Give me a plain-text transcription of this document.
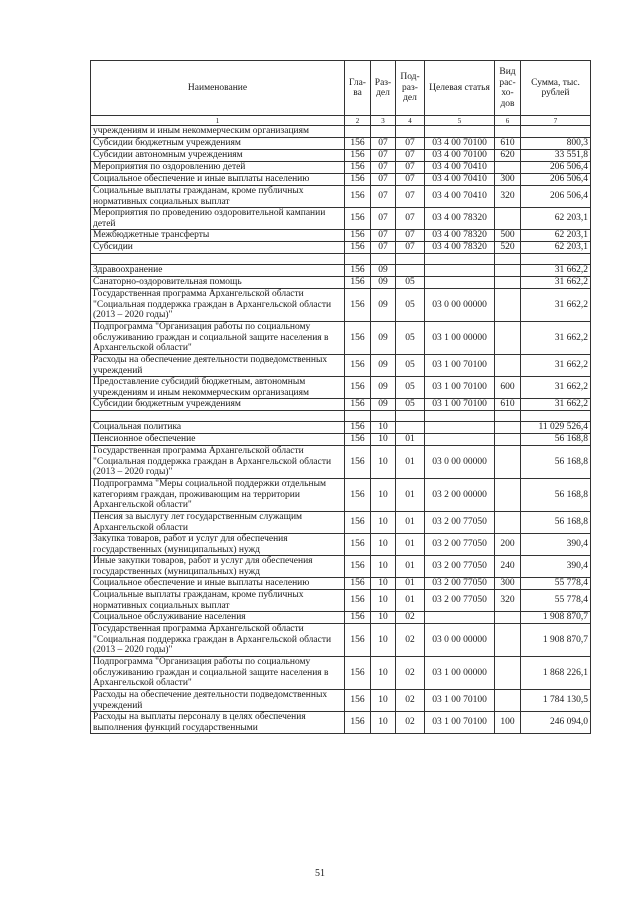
Наименование	Гла-ва	Раз-дел	Под-раз-дел	Целевая статья	Вид рас-хо-дов	Сумма, тыс. рублей
1	2	3	4	5	6	7
учреждениям и иным некоммерческим организациям						
Субсидии бюджетным учреждениям	156	07	07	03 4 00 70100	610	800,3
Субсидии автономным учреждениям	156	07	07	03 4 00 70100	620	33 551,8
Мероприятия по оздоровлению детей	156	07	07	03 4 00 70410		206 506,4
Социальное обеспечение и иные выплаты населению	156	07	07	03 4 00 70410	300	206 506,4
Социальные выплаты гражданам, кроме публичных нормативных социальных выплат	156	07	07	03 4 00 70410	320	206 506,4
Мероприятия по проведению оздоровительной кампании детей	156	07	07	03 4 00 78320		62 203,1
Межбюджетные трансферты	156	07	07	03 4 00 78320	500	62 203,1
Субсидии	156	07	07	03 4 00 78320	520	62 203,1

Здравоохранение	156	09				31 662,2
Санаторно-оздоровительная помощь	156	09	05			31 662,2
Государственная программа Архангельской области "Социальная поддержка граждан в Архангельской области (2013 – 2020 годы)"	156	09	05	03 0 00 00000		31 662,2
Подпрограмма "Организация работы по социальному обслуживанию граждан и социальной защите населения в Архангельской области"	156	09	05	03 1 00 00000		31 662,2
Расходы на обеспечение деятельности подведомственных учреждений	156	09	05	03 1 00 70100		31 662,2
Предоставление субсидий бюджетным, автономным учреждениям и иным некоммерческим организациям	156	09	05	03 1 00 70100	600	31 662,2
Субсидии бюджетным учреждениям	156	09	05	03 1 00 70100	610	31 662,2

Социальная политика	156	10				11 029 526,4
Пенсионное обеспечение	156	10	01			56 168,8
Государственная программа Архангельской области "Социальная поддержка граждан в Архангельской области (2013 – 2020 годы)"	156	10	01	03 0 00 00000		56 168,8
Подпрограмма "Меры социальной поддержки отдельным категориям граждан, проживающим на территории Архангельской области"	156	10	01	03 2 00 00000		56 168,8
Пенсия за выслугу лет государственным служащим Архангельской области	156	10	01	03 2 00 77050		56 168,8
Закупка товаров, работ и услуг для обеспечения государственных (муниципальных) нужд	156	10	01	03 2 00 77050	200	390,4
Иные закупки товаров, работ и услуг для обеспечения государственных (муниципальных) нужд	156	10	01	03 2 00 77050	240	390,4
Социальное обеспечение и иные выплаты населению	156	10	01	03 2 00 77050	300	55 778,4
Социальные выплаты гражданам, кроме публичных нормативных социальных выплат	156	10	01	03 2 00 77050	320	55 778,4
Социальное обслуживание населения	156	10	02			1 908 870,7
Государственная программа Архангельской области "Социальная поддержка граждан в Архангельской области (2013 – 2020 годы)"	156	10	02	03 0 00 00000		1 908 870,7
Подпрограмма "Организация работы по социальному обслуживанию граждан и социальной защите населения в Архангельской области"	156	10	02	03 1 00 00000		1 868 226,1
Расходы на обеспечение деятельности подведомственных учреждений	156	10	02	03 1 00 70100		1 784 130,5
Расходы на выплаты персоналу в целях обеспечения выполнения функций государственными	156	10	02	03 1 00 70100	100	246 094,0
51
